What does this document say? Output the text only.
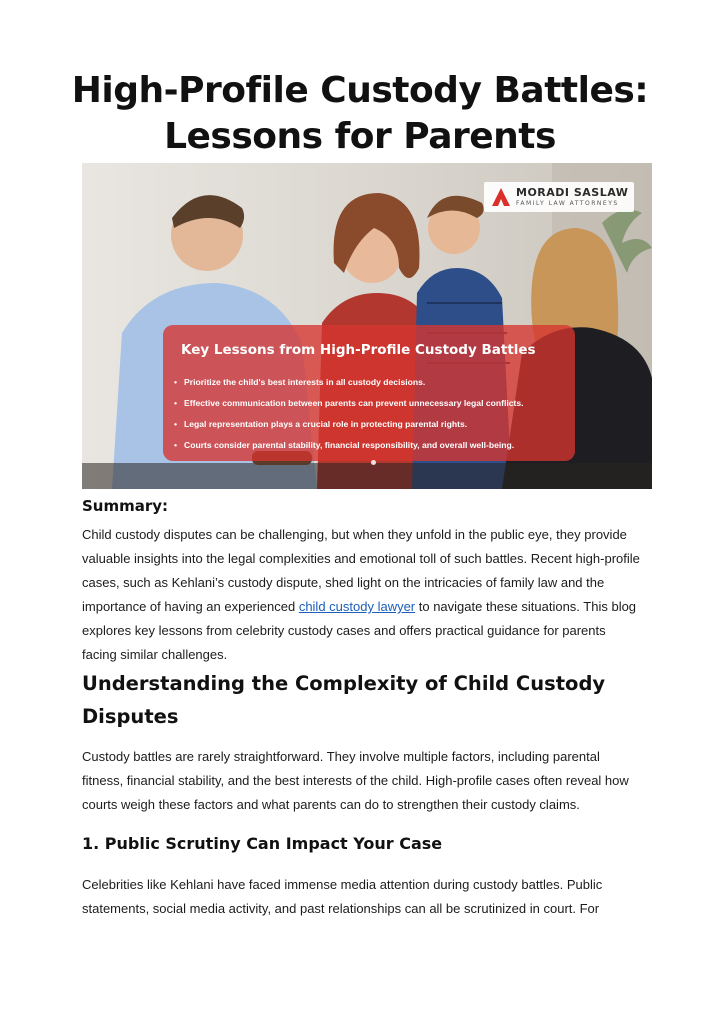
High-Profile Custody Battles: Lessons for Parents
MORADI SASLAW
FAMILY LAW ATTORNEYS
Key Lessons from High-Profile Custody Battles
• Prioritize the child's best interests in all custody decisions.
• Effective communication between parents can prevent unnecessary legal conflicts.
• Legal representation plays a crucial role in protecting parental rights.
• Courts consider parental stability, financial responsibility, and overall well-being.
Summary:

Child custody disputes can be challenging, but when they unfold in the public eye, they provide valuable insights into the legal complexities and emotional toll of such battles. Recent high-profile cases, such as Kehlani’s custody dispute, shed light on the intricacies of family law and the importance of having an experienced child custody lawyer to navigate these situations. This blog explores key lessons from celebrity custody cases and offers practical guidance for parents facing similar challenges.

Understanding the Complexity of Child Custody Disputes

Custody battles are rarely straightforward. They involve multiple factors, including parental fitness, financial stability, and the best interests of the child. High-profile cases often reveal how courts weigh these factors and what parents can do to strengthen their custody claims.

1. Public Scrutiny Can Impact Your Case

Celebrities like Kehlani have faced immense media attention during custody battles. Public statements, social media activity, and past relationships can all be scrutinized in court. For
